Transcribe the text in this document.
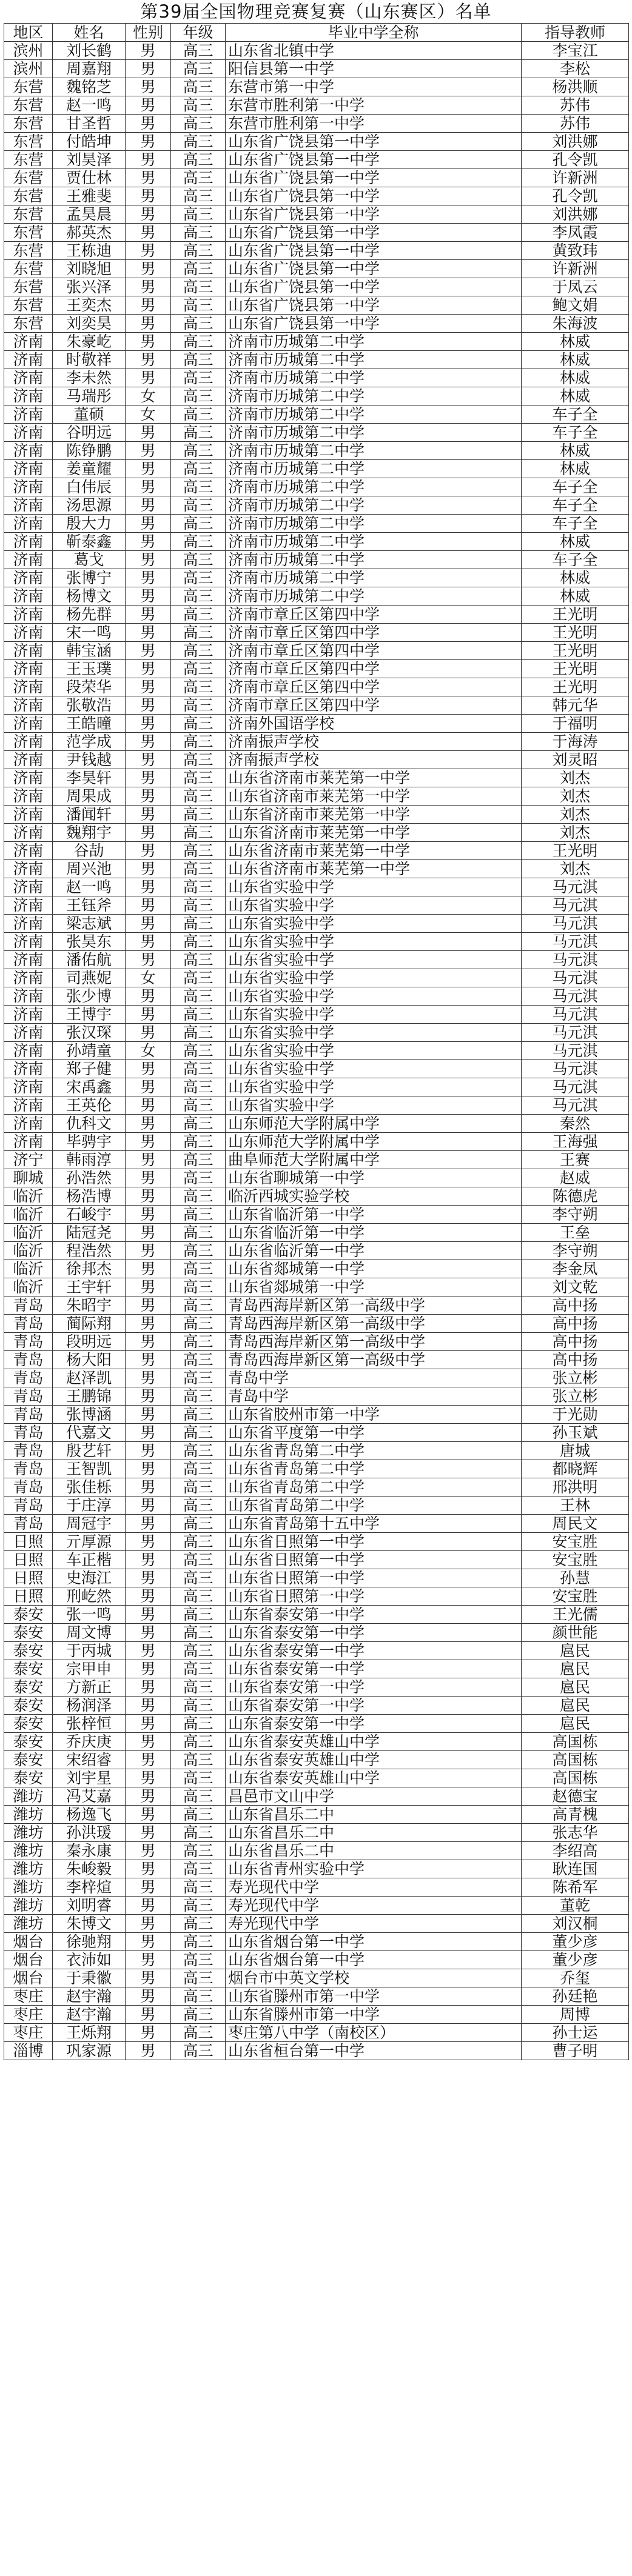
第39届全国物理竞赛复赛（山东赛区）名单
地区	姓名	性别	年级	毕业中学全称	指导教师
滨州	刘长鹤	男	高三	山东省北镇中学	李宝江
滨州	周嘉翔	男	高三	阳信县第一中学	李松
东营	魏铭芝	男	高三	东营市第一中学	杨洪顺
东营	赵一鸣	男	高三	东营市胜利第一中学	苏伟
东营	甘圣哲	男	高三	东营市胜利第一中学	苏伟
东营	付皓坤	男	高三	山东省广饶县第一中学	刘洪娜
东营	刘昊泽	男	高三	山东省广饶县第一中学	孔令凯
东营	贾仕林	男	高三	山东省广饶县第一中学	许新洲
东营	王雅斐	男	高三	山东省广饶县第一中学	孔令凯
东营	孟昊晨	男	高三	山东省广饶县第一中学	刘洪娜
东营	郝英杰	男	高三	山东省广饶县第一中学	李凤霞
东营	王栋迪	男	高三	山东省广饶县第一中学	黄致玮
东营	刘晓旭	男	高三	山东省广饶县第一中学	许新洲
东营	张兴泽	男	高三	山东省广饶县第一中学	于凤云
东营	王奕杰	男	高三	山东省广饶县第一中学	鲍文娟
东营	刘奕昊	男	高三	山东省广饶县第一中学	朱海波
济南	朱豪屹	男	高三	济南市历城第二中学	林威
济南	时敬祥	男	高三	济南市历城第二中学	林威
济南	李未然	男	高三	济南市历城第二中学	林威
济南	马瑞彤	女	高三	济南市历城第二中学	林威
济南	董硕	女	高三	济南市历城第二中学	车子全
济南	谷明远	男	高三	济南市历城第二中学	车子全
济南	陈铮鹏	男	高三	济南市历城第二中学	林威
济南	姜童耀	男	高三	济南市历城第二中学	林威
济南	白伟辰	男	高三	济南市历城第二中学	车子全
济南	汤思源	男	高三	济南市历城第二中学	车子全
济南	殷大力	男	高三	济南市历城第二中学	车子全
济南	靳泰鑫	男	高三	济南市历城第二中学	林威
济南	葛戈	男	高三	济南市历城第二中学	车子全
济南	张博宁	男	高三	济南市历城第二中学	林威
济南	杨博文	男	高三	济南市历城第二中学	林威
济南	杨先群	男	高三	济南市章丘区第四中学	王光明
济南	宋一鸣	男	高三	济南市章丘区第四中学	王光明
济南	韩宝涵	男	高三	济南市章丘区第四中学	王光明
济南	王玉璞	男	高三	济南市章丘区第四中学	王光明
济南	段荣华	男	高三	济南市章丘区第四中学	王光明
济南	张敬浩	男	高三	济南市章丘区第四中学	韩元华
济南	王皓曈	男	高三	济南外国语学校	于福明
济南	范学成	男	高三	济南振声学校	于海涛
济南	尹钱越	男	高三	济南振声学校	刘灵昭
济南	李昊轩	男	高三	山东省济南市莱芜第一中学	刘杰
济南	周果成	男	高三	山东省济南市莱芜第一中学	刘杰
济南	潘闻轩	男	高三	山东省济南市莱芜第一中学	刘杰
济南	魏翔宇	男	高三	山东省济南市莱芜第一中学	刘杰
济南	谷劼	男	高三	山东省济南市莱芜第一中学	王光明
济南	周兴池	男	高三	山东省济南市莱芜第一中学	刘杰
济南	赵一鸣	男	高三	山东省实验中学	马元淇
济南	王钰斧	男	高三	山东省实验中学	马元淇
济南	梁志斌	男	高三	山东省实验中学	马元淇
济南	张昊东	男	高三	山东省实验中学	马元淇
济南	潘佑航	男	高三	山东省实验中学	马元淇
济南	司燕妮	女	高三	山东省实验中学	马元淇
济南	张少博	男	高三	山东省实验中学	马元淇
济南	王博宇	男	高三	山东省实验中学	马元淇
济南	张汉琛	男	高三	山东省实验中学	马元淇
济南	孙靖童	女	高三	山东省实验中学	马元淇
济南	郑子健	男	高三	山东省实验中学	马元淇
济南	宋禹鑫	男	高三	山东省实验中学	马元淇
济南	王英伦	男	高三	山东省实验中学	马元淇
济南	仇科文	男	高三	山东师范大学附属中学	秦然
济南	毕骋宇	男	高三	山东师范大学附属中学	王海强
济宁	韩雨淳	男	高三	曲阜师范大学附属中学	王赛
聊城	孙浩然	男	高三	山东省聊城第一中学	赵威
临沂	杨浩博	男	高三	临沂西城实验学校	陈德虎
临沂	石峻宇	男	高三	山东省临沂第一中学	李守朔
临沂	陆冠尧	男	高三	山东省临沂第一中学	王垒
临沂	程浩然	男	高三	山东省临沂第一中学	李守朔
临沂	徐邦杰	男	高三	山东省郯城第一中学	李金凤
临沂	王宇轩	男	高三	山东省郯城第一中学	刘文乾
青岛	朱昭宇	男	高三	青岛西海岸新区第一高级中学	高中扬
青岛	蔺际翔	男	高三	青岛西海岸新区第一高级中学	高中扬
青岛	段明远	男	高三	青岛西海岸新区第一高级中学	高中扬
青岛	杨大阳	男	高三	青岛西海岸新区第一高级中学	高中扬
青岛	赵泽凯	男	高三	青岛中学	张立彬
青岛	王鹏锦	男	高三	青岛中学	张立彬
青岛	张博涵	男	高三	山东省胶州市第一中学	于光勋
青岛	代嘉文	男	高三	山东省平度第一中学	孙玉斌
青岛	殷艺轩	男	高三	山东省青岛第二中学	唐城
青岛	王智凯	男	高三	山东省青岛第二中学	都晓辉
青岛	张佳栎	男	高三	山东省青岛第二中学	邢洪明
青岛	于庄淳	男	高三	山东省青岛第二中学	王林
青岛	周冠宇	男	高三	山东省青岛第十五中学	周民文
日照	亓厚源	男	高三	山东省日照第一中学	安宝胜
日照	车正楷	男	高三	山东省日照第一中学	安宝胜
日照	史海江	男	高三	山东省日照第一中学	孙慧
日照	刑屹然	男	高三	山东省日照第一中学	安宝胜
泰安	张一鸣	男	高三	山东省泰安第一中学	王光儒
泰安	周文博	男	高三	山东省泰安第一中学	颜世能
泰安	于丙城	男	高三	山东省泰安第一中学	扈民
泰安	宗甲申	男	高三	山东省泰安第一中学	扈民
泰安	方新正	男	高三	山东省泰安第一中学	扈民
泰安	杨润泽	男	高三	山东省泰安第一中学	扈民
泰安	张梓恒	男	高三	山东省泰安第一中学	扈民
泰安	乔庆庚	男	高三	山东省泰安英雄山中学	高国栋
泰安	宋绍睿	男	高三	山东省泰安英雄山中学	高国栋
泰安	刘宇星	男	高三	山东省泰安英雄山中学	高国栋
潍坊	冯艾嘉	男	高三	昌邑市文山中学	赵德宝
潍坊	杨逸飞	男	高三	山东省昌乐二中	高青槐
潍坊	孙洪瑗	男	高三	山东省昌乐二中	张志华
潍坊	秦永康	男	高三	山东省昌乐二中	李绍高
潍坊	朱峻毅	男	高三	山东省青州实验中学	耿连国
潍坊	李梓煊	男	高三	寿光现代中学	陈希军
潍坊	刘明睿	男	高三	寿光现代中学	董乾
潍坊	朱博文	男	高三	寿光现代中学	刘汉桐
烟台	徐驰翔	男	高三	山东省烟台第一中学	董少彦
烟台	衣沛如	男	高三	山东省烟台第一中学	董少彦
烟台	于秉徽	男	高三	烟台市中英文学校	乔玺
枣庄	赵宇瀚	男	高三	山东省滕州市第一中学	孙廷艳
枣庄	赵宇瀚	男	高三	山东省滕州市第一中学	周博
枣庄	王烁翔	男	高三	枣庄第八中学（南校区）	孙士运
淄博	巩家源	男	高三	山东省桓台第一中学	曹子明
